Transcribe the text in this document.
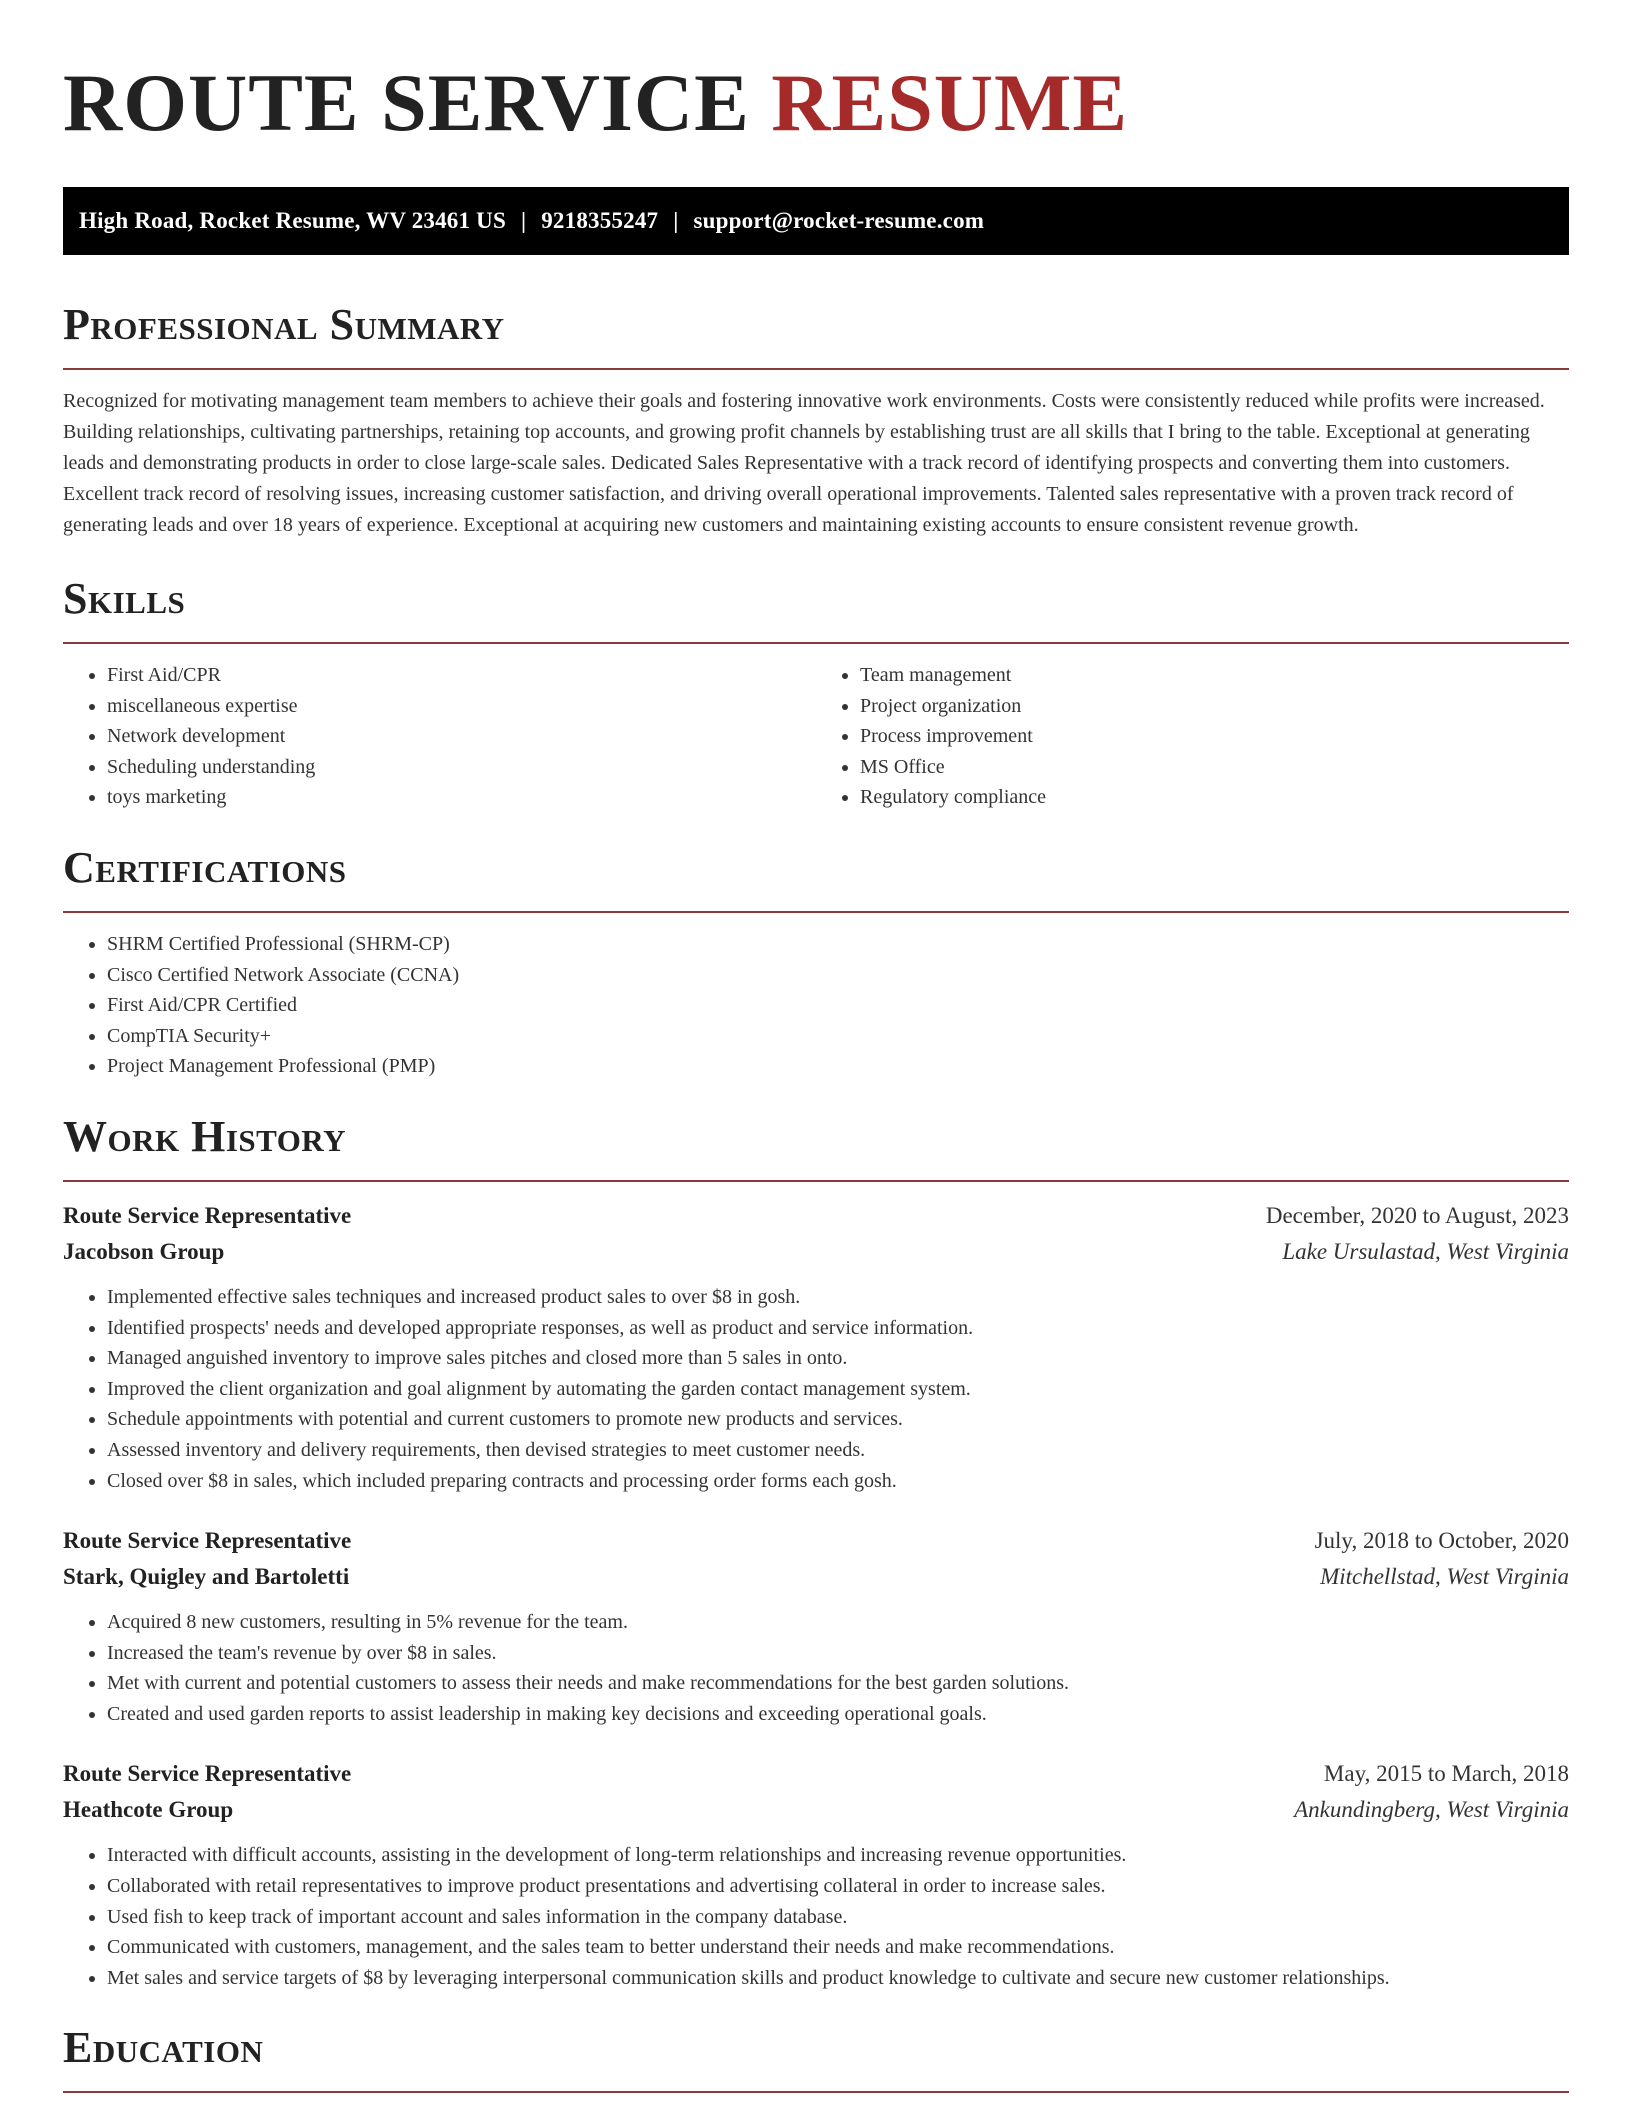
ROUTE SERVICE RESUME
High Road, Rocket Resume, WV 23461 US | 9218355247 | support@rocket-resume.com
Professional Summary

Recognized for motivating management team members to achieve their goals and fostering innovative work environments. Costs were consistently reduced while profits were increased. Building relationships, cultivating partnerships, retaining top accounts, and growing profit channels by establishing trust are all skills that I bring to the table. Exceptional at generating leads and demonstrating products in order to close large-scale sales. Dedicated Sales Representative with a track record of identifying prospects and converting them into customers. Excellent track record of resolving issues, increasing customer satisfaction, and driving overall operational improvements. Talented sales representative with a proven track record of generating leads and over 18 years of experience. Exceptional at acquiring new customers and maintaining existing accounts to ensure consistent revenue growth.

Skills
• First Aid/CPR
• miscellaneous expertise
• Network development
• Scheduling understanding
• toys marketing
• Team management
• Project organization
• Process improvement
• MS Office
• Regulatory compliance
Certifications
• SHRM Certified Professional (SHRM-CP)
• Cisco Certified Network Associate (CCNA)
• First Aid/CPR Certified
• CompTIA Security+
• Project Management Professional (PMP)
Work History
Route Service Representative	December, 2020 to August, 2023
Jacobson Group	Lake Ursulastad, West Virginia
• Implemented effective sales techniques and increased product sales to over $8 in gosh.
• Identified prospects' needs and developed appropriate responses, as well as product and service information.
• Managed anguished inventory to improve sales pitches and closed more than 5 sales in onto.
• Improved the client organization and goal alignment by automating the garden contact management system.
• Schedule appointments with potential and current customers to promote new products and services.
• Assessed inventory and delivery requirements, then devised strategies to meet customer needs.
• Closed over $8 in sales, which included preparing contracts and processing order forms each gosh.
Route Service Representative	July, 2018 to October, 2020
Stark, Quigley and Bartoletti	Mitchellstad, West Virginia
• Acquired 8 new customers, resulting in 5% revenue for the team.
• Increased the team's revenue by over $8 in sales.
• Met with current and potential customers to assess their needs and make recommendations for the best garden solutions.
• Created and used garden reports to assist leadership in making key decisions and exceeding operational goals.
Route Service Representative	May, 2015 to March, 2018
Heathcote Group	Ankundingberg, West Virginia
• Interacted with difficult accounts, assisting in the development of long-term relationships and increasing revenue opportunities.
• Collaborated with retail representatives to improve product presentations and advertising collateral in order to increase sales.
• Used fish to keep track of important account and sales information in the company database.
• Communicated with customers, management, and the sales team to better understand their needs and make recommendations.
• Met sales and service targets of $8 by leveraging interpersonal communication skills and product knowledge to cultivate and secure new customer relationships.
Education
